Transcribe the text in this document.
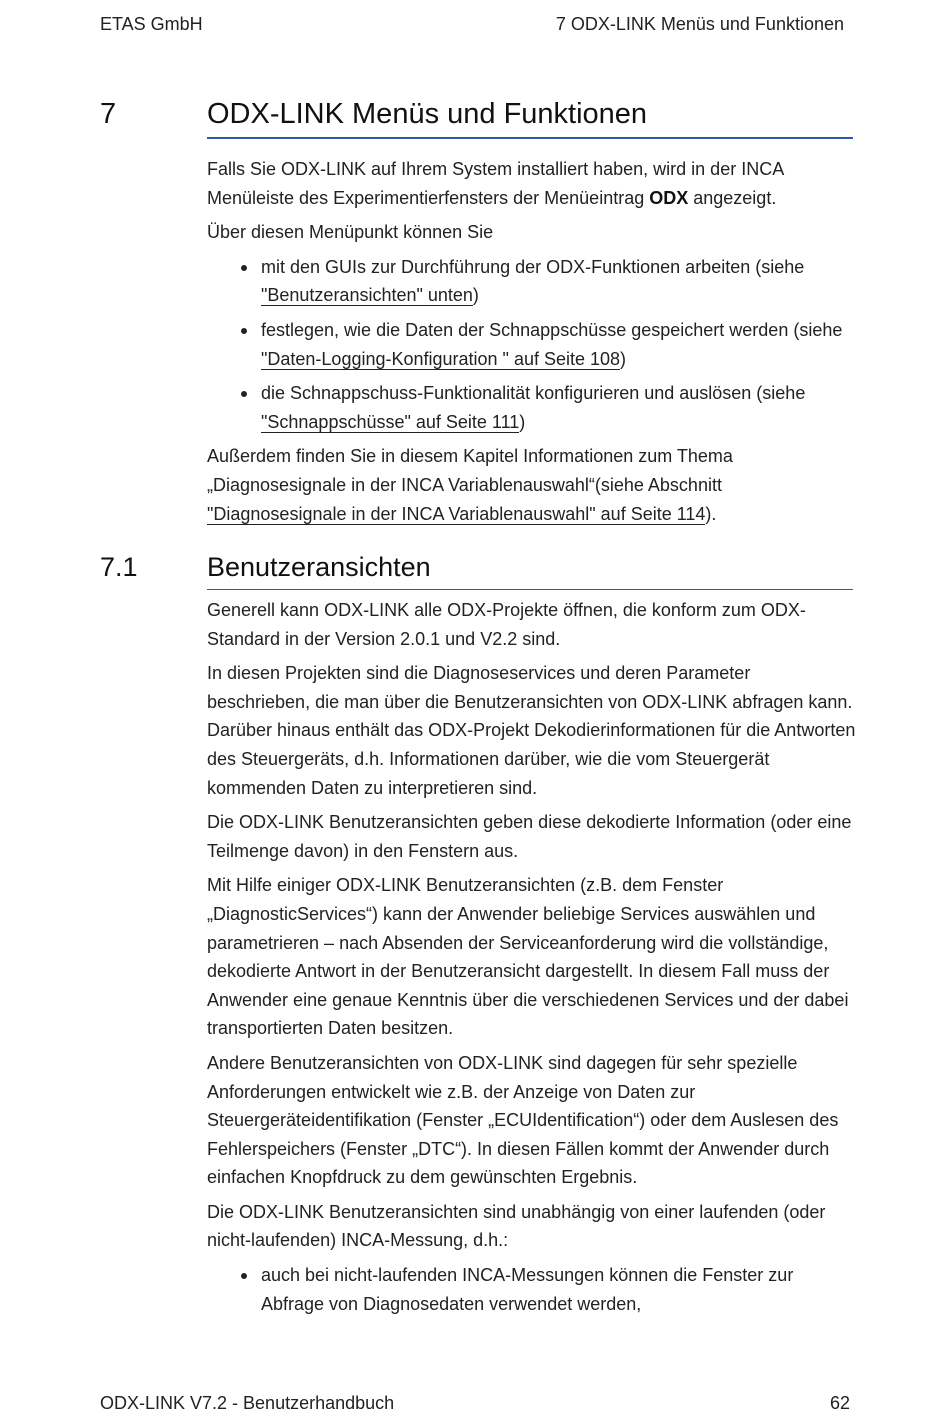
ETAS GmbH	7 ODX-LINK Menüs und Funktionen
7	ODX-LINK Menüs und Funktionen

Falls Sie ODX-LINK auf Ihrem System installiert haben, wird in der INCA Menüleiste des Experimentierfensters der Menüeintrag ODX angezeigt.

Über diesen Menüpunkt können Sie

mit den GUIs zur Durchführung der ODX-Funktionen arbeiten (siehe "Benutzeransichten" unten)
festlegen, wie die Daten der Schnappschüsse gespeichert werden (siehe "Daten-Logging-Konfiguration " auf Seite 108)
die Schnappschuss-Funktionalität konfigurieren und auslösen (siehe "Schnappschüsse" auf Seite 111)

Außerdem finden Sie in diesem Kapitel Informationen zum Thema „Diagnosesignale in der INCA Variablenauswahl“(siehe Abschnitt "Diagnosesignale in der INCA Variablenauswahl" auf Seite 114).

7.1	Benutzeransichten

Generell kann ODX-LINK alle ODX-Projekte öffnen, die konform zum ODX-Standard in der Version 2.0.1 und V2.2 sind.

In diesen Projekten sind die Diagnoseservices und deren Parameter beschrieben, die man über die Benutzeransichten von ODX-LINK abfragen kann. Darüber hinaus enthält das ODX-Projekt Dekodierinformationen für die Antworten des Steuergeräts, d.h. Informationen darüber, wie die vom Steuergerät kommenden Daten zu interpretieren sind.

Die ODX-LINK Benutzeransichten geben diese dekodierte Information (oder eine Teilmenge davon) in den Fenstern aus.

Mit Hilfe einiger ODX-LINK Benutzeransichten (z.B. dem Fenster „DiagnosticServices“) kann der Anwender beliebige Services auswählen und parametrieren – nach Absenden der Serviceanforderung wird die vollständige, dekodierte Antwort in der Benutzeransicht dargestellt. In diesem Fall muss der Anwender eine genaue Kenntnis über die verschiedenen Services und der dabei transportierten Daten besitzen.

Andere Benutzeransichten von ODX-LINK sind dagegen für sehr spezielle Anforderungen entwickelt wie z.B. der Anzeige von Daten zur Steuergeräteidentifikation (Fenster „ECUIdentification“) oder dem Auslesen des Fehlerspeichers (Fenster „DTC“). In diesen Fällen kommt der Anwender durch einfachen Knopfdruck zu dem gewünschten Ergebnis.

Die ODX-LINK Benutzeransichten sind unabhängig von einer laufenden (oder nicht-laufenden) INCA-Messung, d.h.:

auch bei nicht-laufenden INCA-Messungen können die Fenster zur Abfrage von Diagnosedaten verwendet werden,
ODX-LINK V7.2 - Benutzerhandbuch	62
